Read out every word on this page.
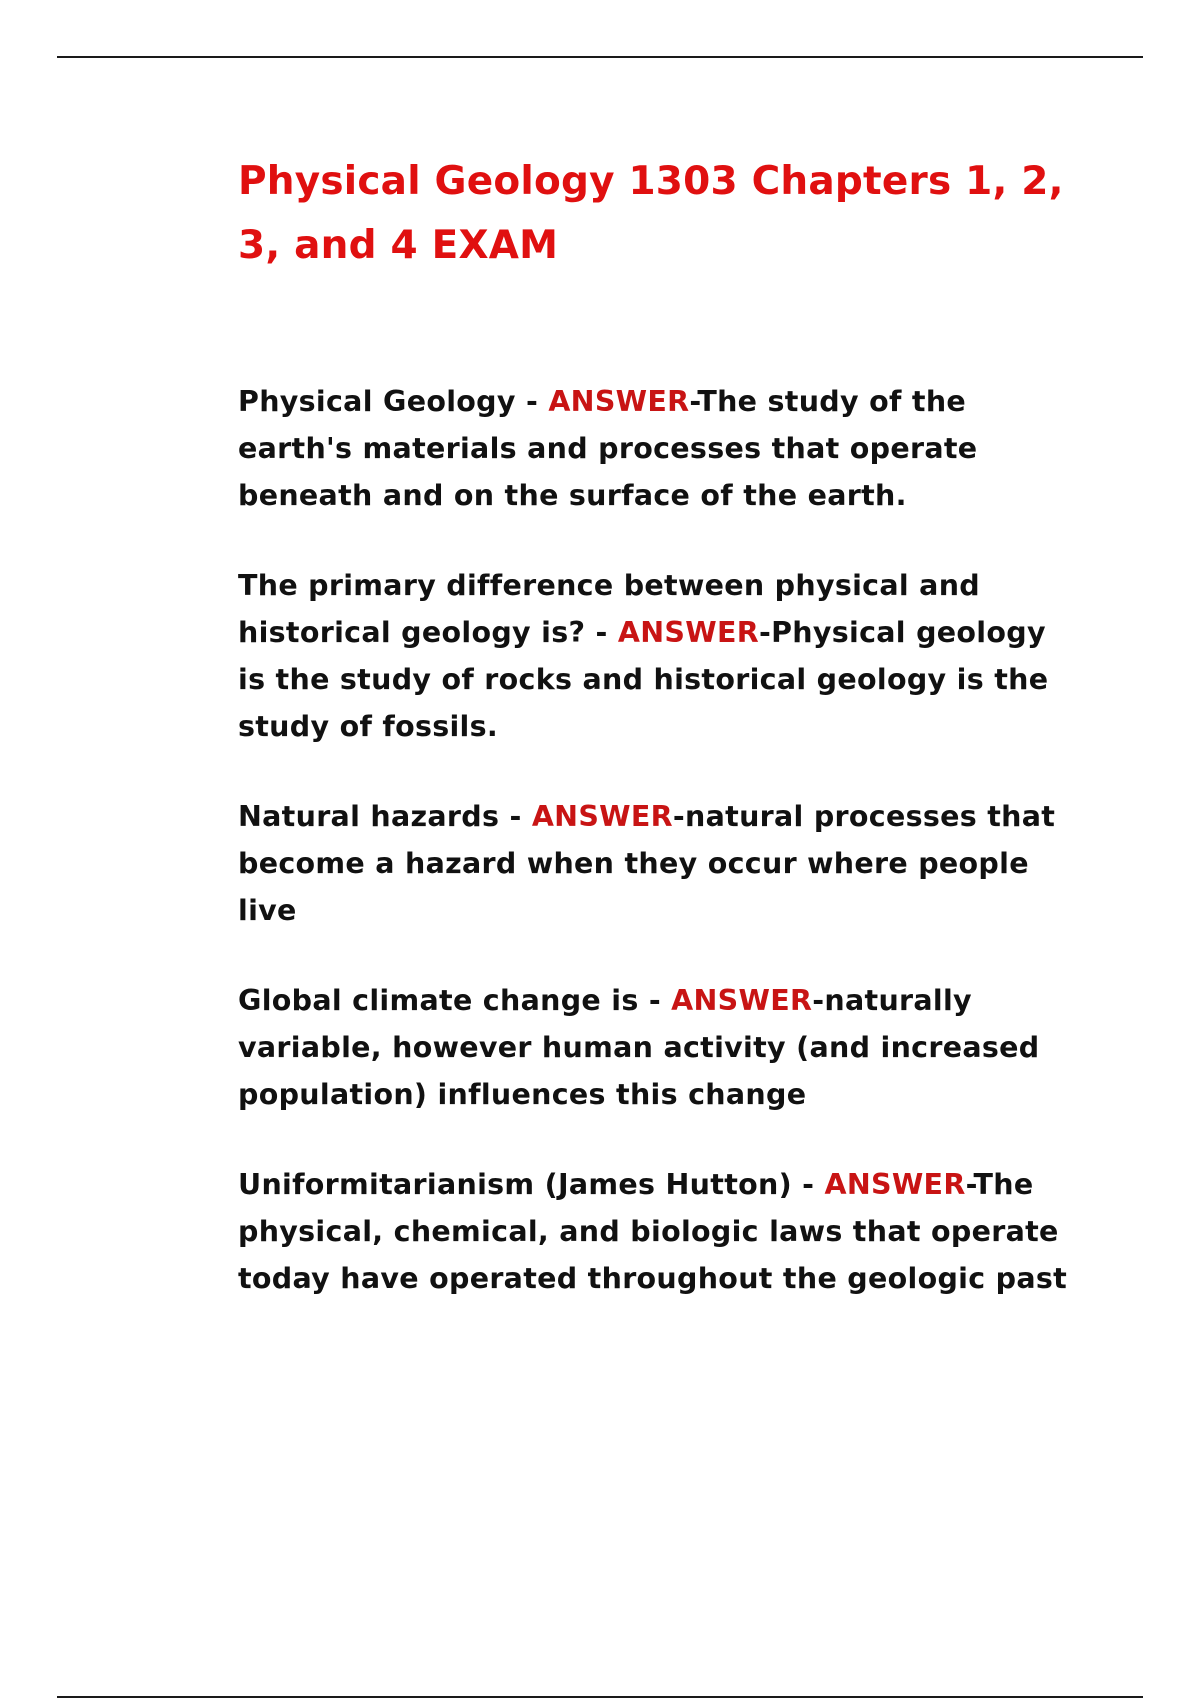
Physical Geology 1303 Chapters 1, 2, 3, and 4 EXAM

Physical Geology - ANSWER-The study of the earth's materials and processes that operate beneath and on the surface of the earth.

The primary difference between physical and historical geology is? - ANSWER-Physical geology is the study of rocks and historical geology is the study of fossils.

Natural hazards - ANSWER-natural processes that become a hazard when they occur where people live

Global climate change is - ANSWER-naturally variable, however human activity (and increased population) influences this change

Uniformitarianism (James Hutton) - ANSWER-The physical, chemical, and biologic laws that operate today have operated throughout the geologic past
